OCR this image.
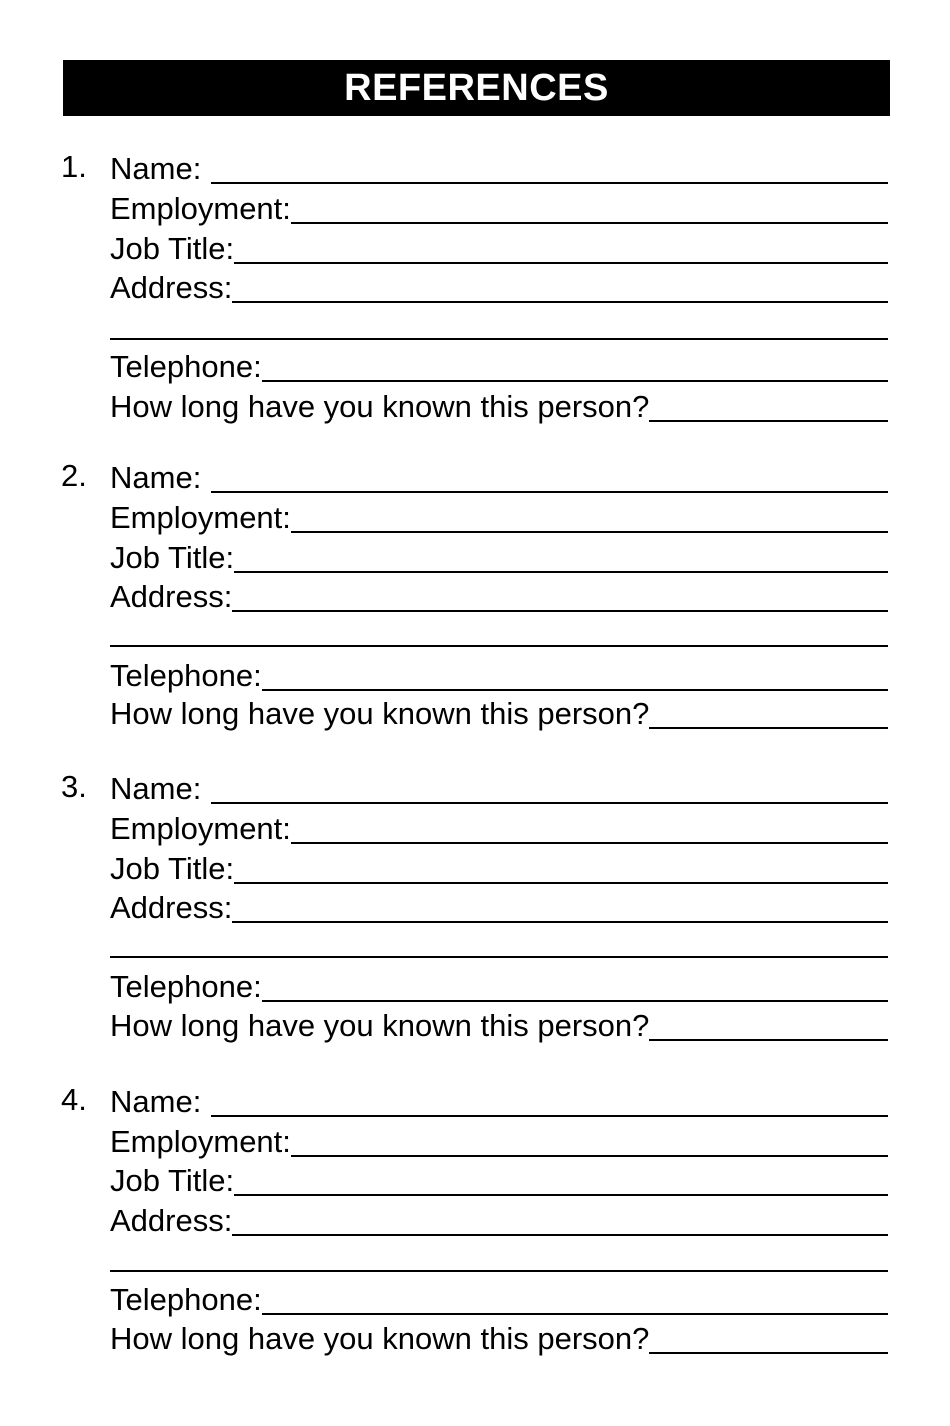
REFERENCES
1. Name:
Employment:
Job Title:
Address:
Telephone:
How long have you known this person?
2. Name:
Employment:
Job Title:
Address:
Telephone:
How long have you known this person?
3. Name:
Employment:
Job Title:
Address:
Telephone:
How long have you known this person?
4. Name:
Employment:
Job Title:
Address:
Telephone:
How long have you known this person?
